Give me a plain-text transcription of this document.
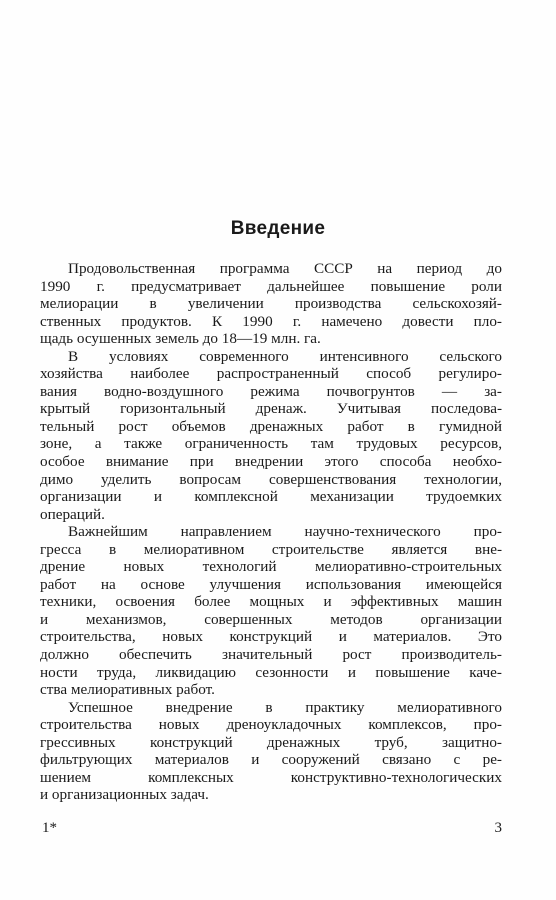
Введение

Продовольственная программа СССР на период до
1990 г. предусматривает дальнейшее повышение роли
мелиорации в увеличении производства сельскохозяй-
ственных продуктов. К 1990 г. намечено довести пло-
щадь осушенных земель до 18—19 млн. га.

В условиях современного интенсивного сельского
хозяйства наиболее распространенный способ регулиро-
вания водно-воздушного режима почвогрунтов — за-
крытый горизонтальный дренаж. Учитывая последова-
тельный рост объемов дренажных работ в гумидной
зоне, а также ограниченность там трудовых ресурсов,
особое внимание при внедрении этого способа необхо-
димо уделить вопросам совершенствования технологии,
организации и комплексной механизации трудоемких
операций.

Важнейшим направлением научно-технического про-
гресса в мелиоративном строительстве является вне-
дрение новых технологий мелиоративно-строительных
работ на основе улучшения использования имеющейся
техники, освоения более мощных и эффективных машин
и механизмов, совершенных методов организации
строительства, новых конструкций и материалов. Это
должно обеспечить значительный рост производитель-
ности труда, ликвидацию сезонности и повышение каче-
ства мелиоративных работ.

Успешное внедрение в практику мелиоративного
строительства новых дреноукладочных комплексов, про-
грессивных конструкций дренажных труб, защитно-
фильтрующих материалов и сооружений связано с ре-
шением комплексных конструктивно-технологических
и организационных задач.

1*	3
